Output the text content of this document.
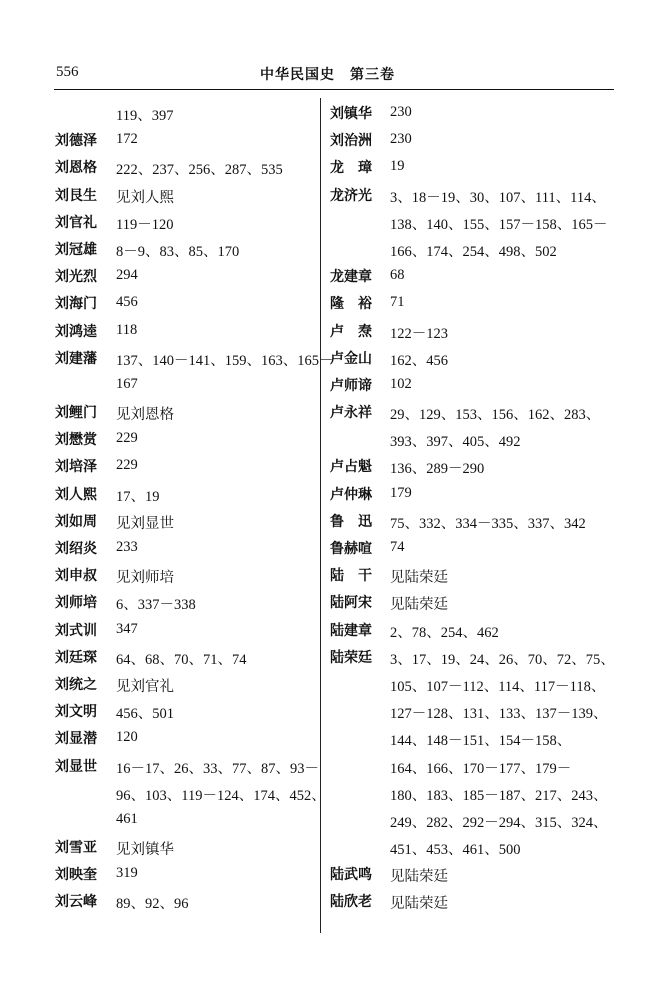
556	中华民国史　第三卷
119、397
刘德泽 172
刘恩格 222、237、256、287、535
刘艮生 见刘人熙
刘官礼 119－120
刘冠雄 8－9、83、85、170
刘光烈 294
刘海门 456
刘鸿逵 118
刘建藩 137、140－141、159、163、165－
167
刘鲤门 见刘恩格
刘懋赏 229
刘培泽 229
刘人熙 17、19
刘如周 见刘显世
刘绍炎 233
刘申叔 见刘师培
刘师培 6、337－338
刘式训 347
刘廷琛 64、68、70、71、74
刘统之 见刘官礼
刘文明 456、501
刘显潜 120
刘显世 16－17、26、33、77、87、93－
96、103、119－124、174、452、
461
刘雪亚 见刘镇华
刘映奎 319
刘云峰 89、92、96
刘镇华 230
刘治洲 230
龙　璋 19
龙济光 3、18－19、30、107、111、114、
138、140、155、157－158、165－
166、174、254、498、502
龙建章 68
隆　裕 71
卢　焘 122－123
卢金山 162、456
卢师谛 102
卢永祥 29、129、153、156、162、283、
393、397、405、492
卢占魁 136、289－290
卢仲琳 179
鲁　迅 75、332、334－335、337、342
鲁赫喧 74
陆　干 见陆荣廷
陆阿宋 见陆荣廷
陆建章 2、78、254、462
陆荣廷 3、17、19、24、26、70、72、75、
105、107－112、114、117－118、
127－128、131、133、137－139、
144、148－151、154－158、
164、166、170－177、179－
180、183、185－187、217、243、
249、282、292－294、315、324、
451、453、461、500
陆武鸣 见陆荣廷
陆欣老 见陆荣廷
